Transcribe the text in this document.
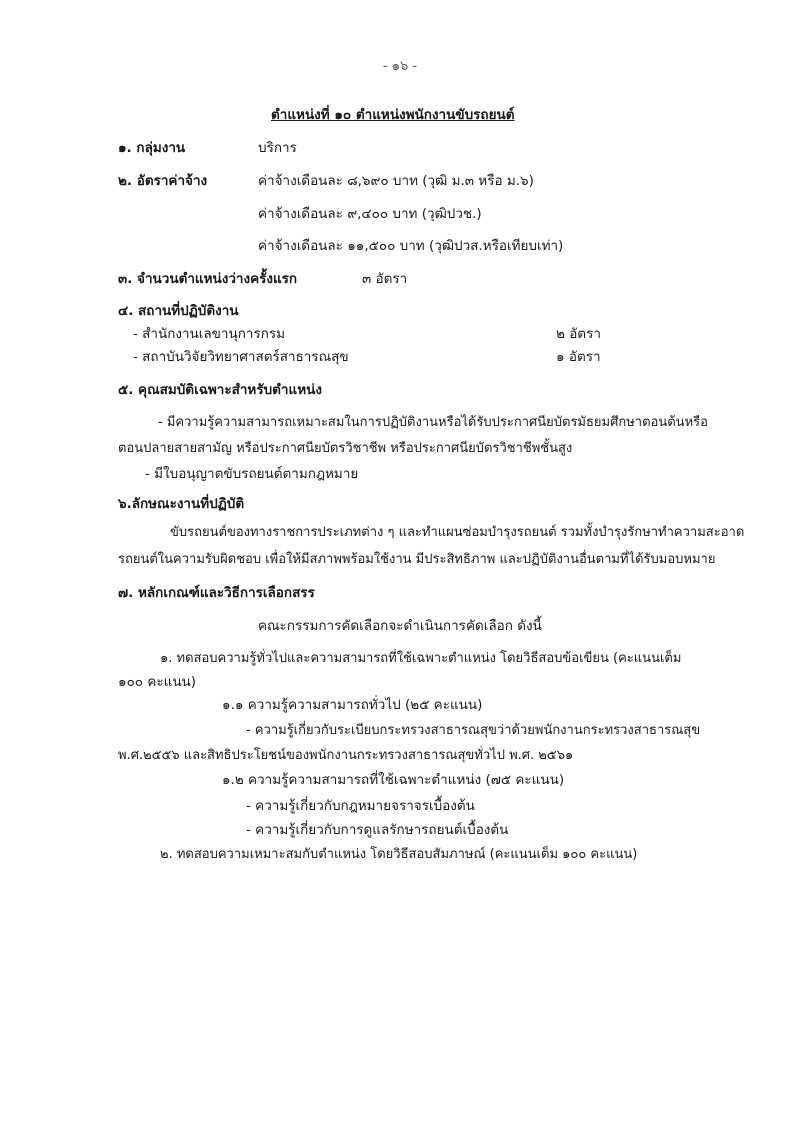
- ๑๖ -
ตำแหน่งที่ ๑๐ ตำแหน่งพนักงานขับรถยนต์
๑. กลุ่มงาน	บริการ
๒. อัตราค่าจ้าง	ค่าจ้างเดือนละ ๘,๖๙๐ บาท (วุฒิ ม.๓ หรือ ม.๖)
ค่าจ้างเดือนละ ๙,๔๐๐ บาท (วุฒิปวช.)
ค่าจ้างเดือนละ ๑๑,๕๐๐ บาท (วุฒิปวส.หรือเทียบเท่า)
๓. จำนวนตำแหน่งว่างครั้งแรก	๓ อัตรา
๔. สถานที่ปฏิบัติงาน
- สำนักงานเลขานุการกรม	๒ อัตรา
- สถาบันวิจัยวิทยาศาสตร์สาธารณสุข	๑ อัตรา
๕. คุณสมบัติเฉพาะสำหรับตำแหน่ง
- มีความรู้ความสามารถเหมาะสมในการปฏิบัติงานหรือได้รับประกาศนียบัตรมัธยมศึกษาตอนต้นหรือ
ตอนปลายสายสามัญ หรือประกาศนียบัตรวิชาชีพ หรือประกาศนียบัตรวิชาชีพชั้นสูง
- มีใบอนุญาตขับรถยนต์ตามกฎหมาย
๖.ลักษณะงานที่ปฏิบัติ
ขับรถยนต์ของทางราชการประเภทต่าง ๆ และทำแผนซ่อมบำรุงรถยนต์ รวมทั้งบำรุงรักษาทำความสะอาด
รถยนต์ในความรับผิดชอบ เพื่อให้มีสภาพพร้อมใช้งาน มีประสิทธิภาพ และปฏิบัติงานอื่นตามที่ได้รับมอบหมาย
๗. หลักเกณฑ์และวิธีการเลือกสรร
คณะกรรมการคัดเลือกจะดำเนินการคัดเลือก ดังนี้
๑. ทดสอบความรู้ทั่วไปและความสามารถที่ใช้เฉพาะตำแหน่ง โดยวิธีสอบข้อเขียน (คะแนนเต็ม
๑๐๐ คะแนน)
๑.๑ ความรู้ความสามารถทั่วไป (๒๕ คะแนน)
- ความรู้เกี่ยวกับระเบียบกระทรวงสาธารณสุขว่าด้วยพนักงานกระทรวงสาธารณสุข
พ.ศ.๒๕๕๖ และสิทธิประโยชน์ของพนักงานกระทรวงสาธารณสุขทั่วไป พ.ศ. ๒๕๖๑
๑.๒ ความรู้ความสามารถที่ใช้เฉพาะตำแหน่ง (๗๕ คะแนน)
- ความรู้เกี่ยวกับกฎหมายจราจรเบื้องต้น
- ความรู้เกี่ยวกับการดูแลรักษารถยนต์เบื้องต้น
๒. ทดสอบความเหมาะสมกับตำแหน่ง โดยวิธีสอบสัมภาษณ์ (คะแนนเต็ม ๑๐๐ คะแนน)
